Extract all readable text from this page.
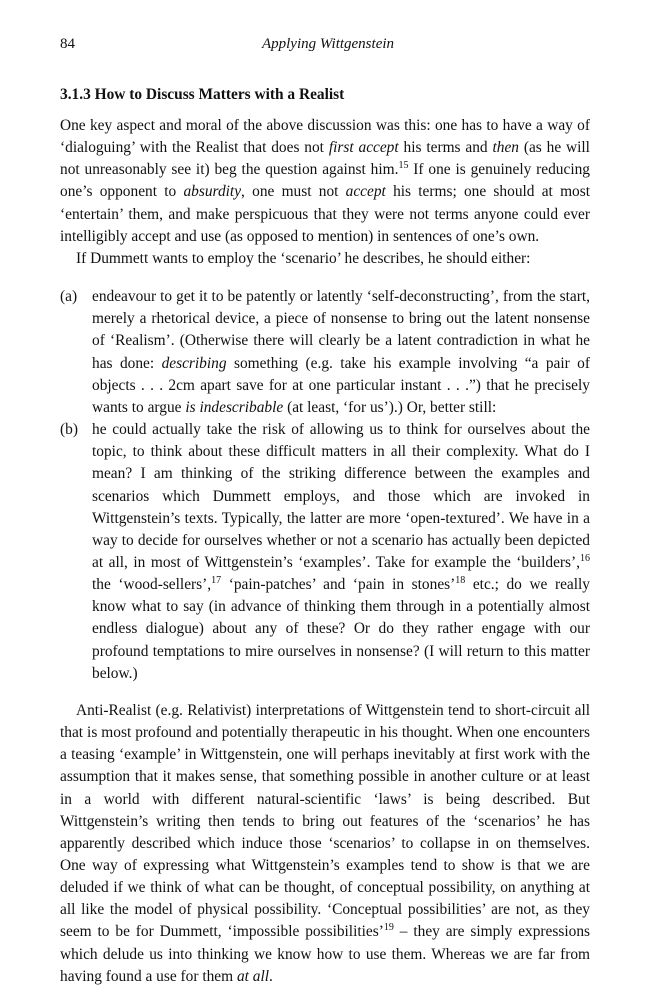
84	Applying Wittgenstein
3.1.3 How to Discuss Matters with a Realist

One key aspect and moral of the above discussion was this: one has to have a way of ‘dialoguing’ with the Realist that does not first accept his terms and then (as he will not unreasonably see it) beg the question against him.$^{15}$ If one is genuinely reducing one’s opponent to absurdity, one must not accept his terms; one should at most ‘entertain’ them, and make perspicuous that they were not terms anyone could ever intelligibly accept and use (as opposed to mention) in sentences of one’s own.

If Dummett wants to employ the ‘scenario’ he describes, he should either:

(a) endeavour to get it to be patently or latently ‘self-deconstructing’, from the start, merely a rhetorical device, a piece of nonsense to bring out the latent nonsense of ‘Realism’. (Otherwise there will clearly be a latent contradiction in what he has done: describing something (e.g. take his example involving “a pair of objects . . . 2cm apart save for at one particular instant . . .”) that he precisely wants to argue is indescribable (at least, ‘for us’).) Or, better still:
(b) he could actually take the risk of allowing us to think for ourselves about the topic, to think about these difficult matters in all their complexity. What do I mean? I am thinking of the striking difference between the examples and scenarios which Dummett employs, and those which are invoked in Wittgenstein’s texts. Typically, the latter are more ‘open-textured’. We have in a way to decide for ourselves whether or not a scenario has actually been depicted at all, in most of Wittgenstein’s ‘examples’. Take for example the ‘builders’,$^{16}$ the ‘wood-sellers’,$^{17}$ ‘pain-patches’ and ‘pain in stones’$^{18}$ etc.; do we really know what to say (in advance of thinking them through in a potentially almost endless dialogue) about any of these? Or do they rather engage with our profound temptations to mire ourselves in nonsense? (I will return to this matter below.)

Anti-Realist (e.g. Relativist) interpretations of Wittgenstein tend to short-circuit all that is most profound and potentially therapeutic in his thought. When one encounters a teasing ‘example’ in Wittgenstein, one will perhaps inevitably at first work with the assumption that it makes sense, that something possible in another culture or at least in a world with different natural-scientific ‘laws’ is being described. But Wittgenstein’s writing then tends to bring out features of the ‘scenarios’ he has apparently described which induce those ‘scenarios’ to collapse in on themselves. One way of expressing what Wittgenstein’s examples tend to show is that we are deluded if we think of what can be thought, of conceptual possibility, on anything at all like the model of physical possibility. ‘Conceptual possibilities’ are not, as they seem to be for Dummett, ‘impossible possibilities’$^{19}$ – they are simply expressions which delude us into thinking we know how to use them. Whereas we are far from having found a use for them at all.
